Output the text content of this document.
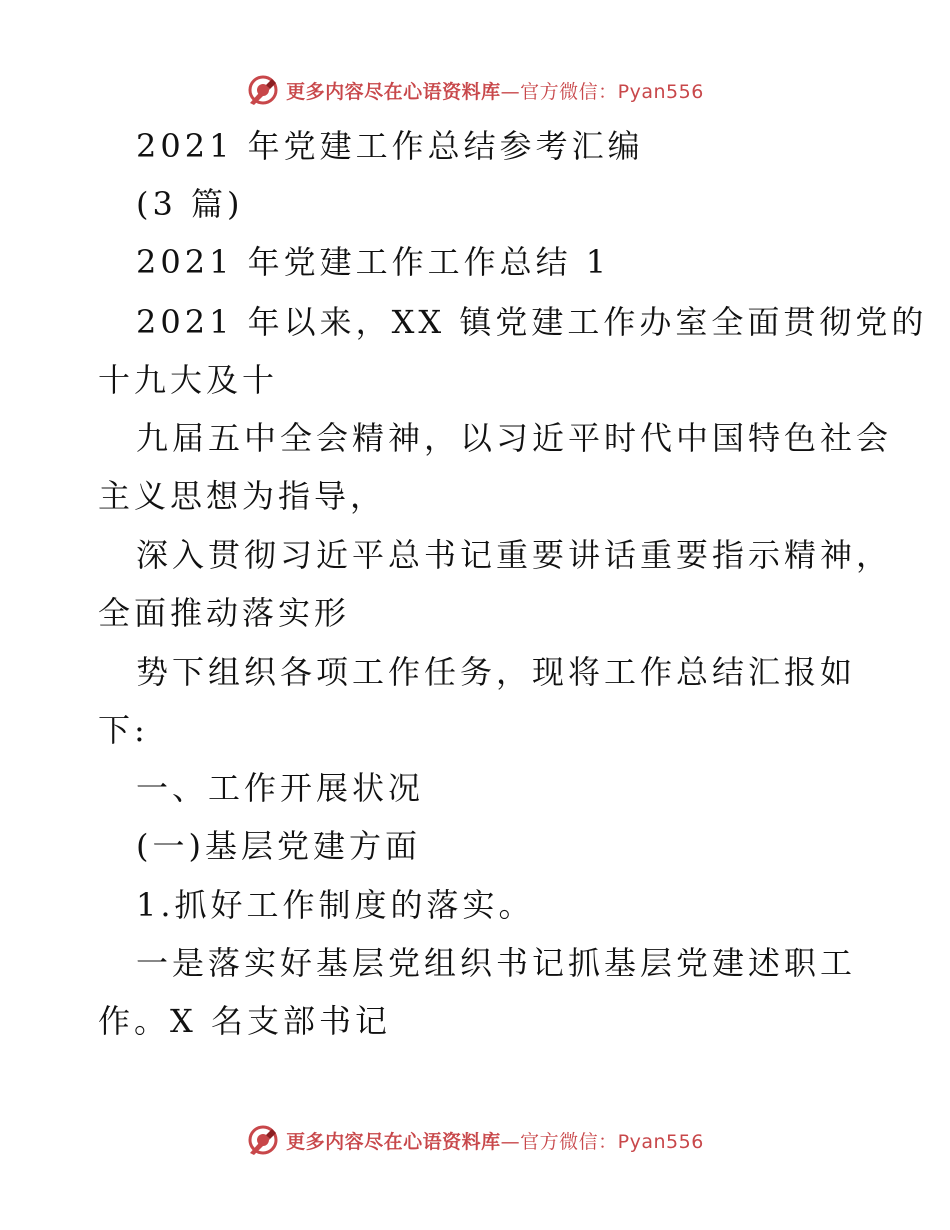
更多内容尽在心语资料库—官方微信：Pyan556
2021 年党建工作总结参考汇编
(3 篇)
2021 年党建工作工作总结 1
2021 年以来，XX 镇党建工作办室全面贯彻党的
十九大及十
九届五中全会精神，以习近平时代中国特色社会
主义思想为指导，
深入贯彻习近平总书记重要讲话重要指示精神，
全面推动落实形
势下组织各项工作任务，现将工作总结汇报如
下:
一、工作开展状况
(一)基层党建方面
1.抓好工作制度的落实。
一是落实好基层党组织书记抓基层党建述职工
作。X 名支部书记
更多内容尽在心语资料库—官方微信：Pyan556
